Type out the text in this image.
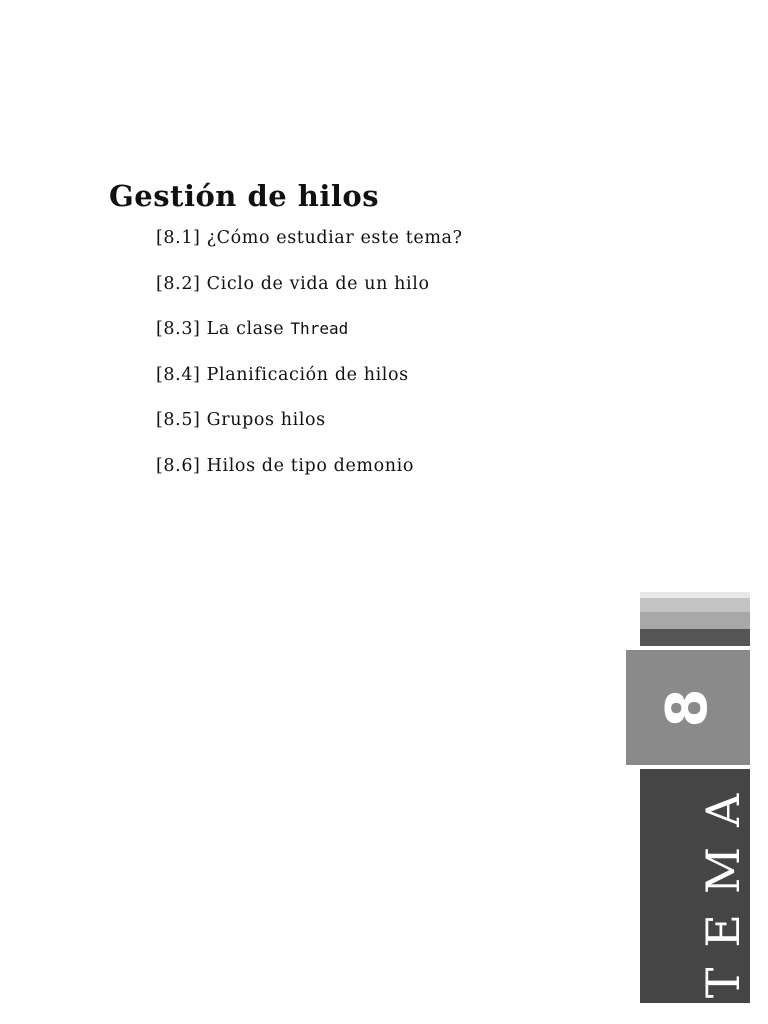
Gestión de hilos
[8.1] ¿Cómo estudiar este tema?
[8.2] Ciclo de vida de un hilo
[8.3] La clase Thread
[8.4] Planificación de hilos
[8.5] Grupos hilos
[8.6] Hilos de tipo demonio
8
TEMA
